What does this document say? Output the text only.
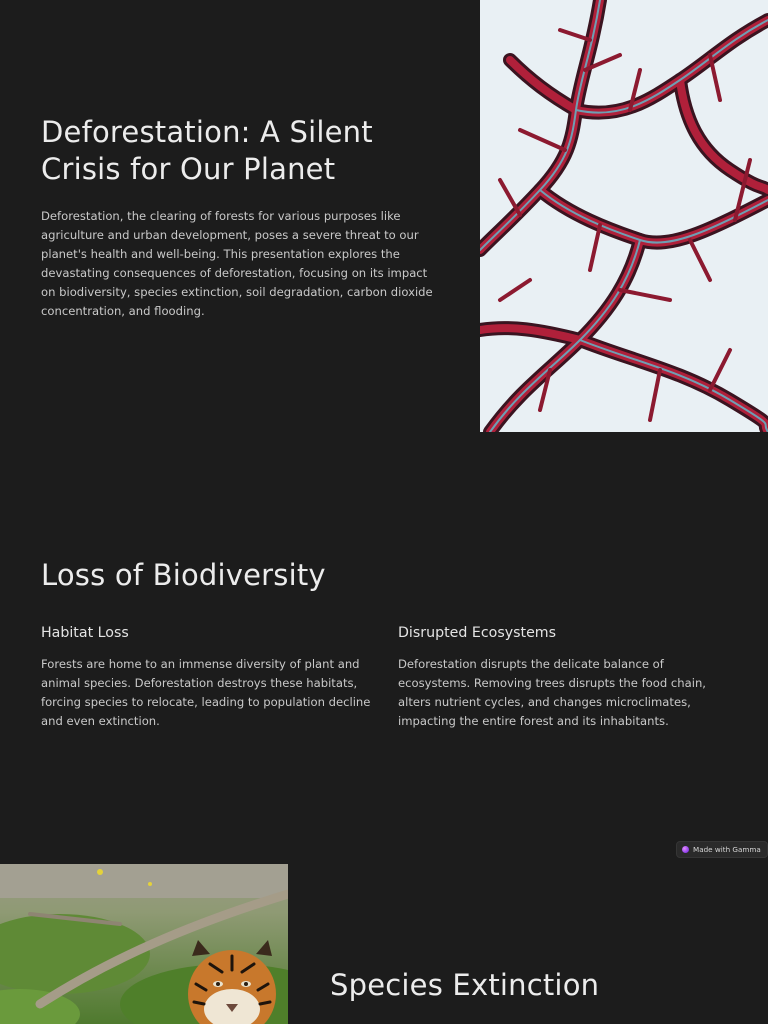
Deforestation: A Silent Crisis for Our Planet

Deforestation, the clearing of forests for various purposes like agriculture and urban development, poses a severe threat to our planet's health and well-being. This presentation explores the devastating consequences of deforestation, focusing on its impact on biodiversity, species extinction, soil degradation, carbon dioxide concentration, and flooding.

Loss of Biodiversity
Habitat Loss

Forests are home to an immense diversity of plant and animal species. Deforestation destroys these habitats, forcing species to relocate, leading to population decline and even extinction.

Disrupted Ecosystems

Deforestation disrupts the delicate balance of ecosystems. Removing trees disrupts the food chain, alters nutrient cycles, and changes microclimates, impacting the entire forest and its inhabitants.

Made with Gamma
Species Extinction
